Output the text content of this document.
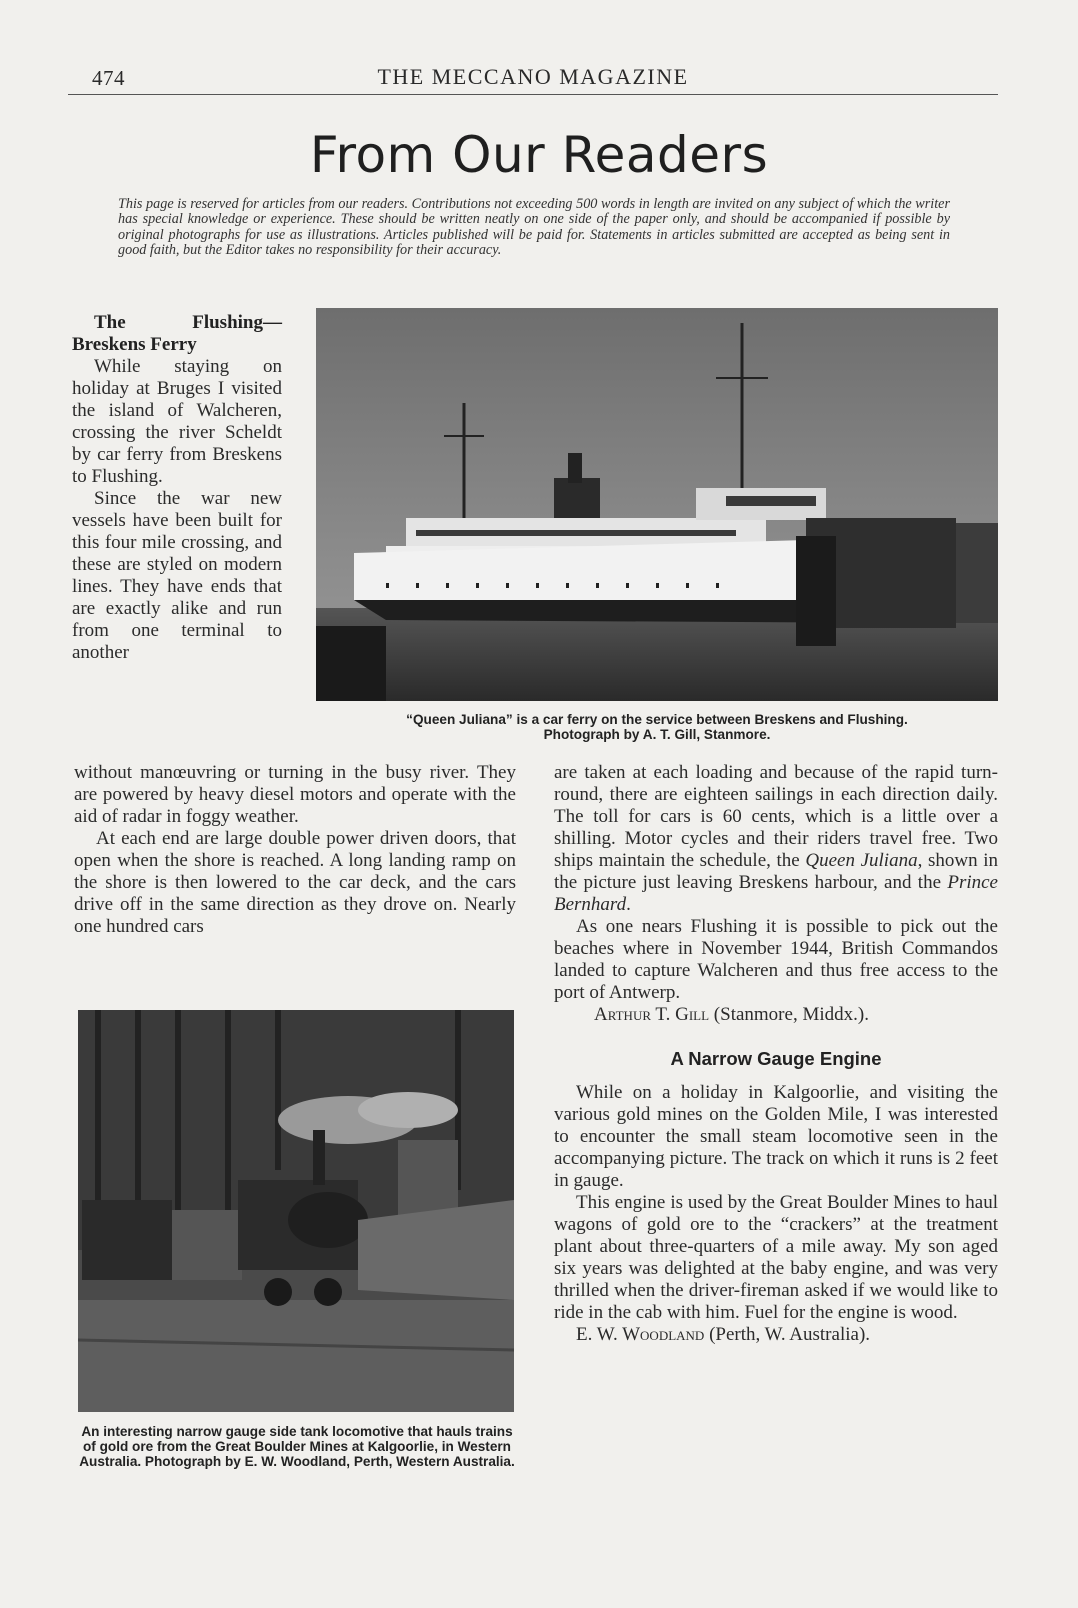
474	THE MECCANO MAGAZINE
From Our Readers
This page is reserved for articles from our readers. Contributions not exceeding 500 words in length are invited on any subject of which the writer has special knowledge or experience. These should be written neatly on one side of the paper only, and should be accompanied if possible by original photographs for use as illustrations. Articles published will be paid for. Statements in articles submitted are accepted as being sent in good faith, but the Editor takes no responsibility for their accuracy.

The Flushing— Breskens Ferry

While staying on holiday at Bruges I visited the island of Walcheren, crossing the river Scheldt by car ferry from Breskens to Flushing.

Since the war new vessels have been built for this four mile crossing, and these are styled on modern lines. They have ends that are exactly alike and run from one terminal to another

“Queen Juliana” is a car ferry on the service between Breskens and Flushing.
Photograph by A. T. Gill, Stanmore.

without manœuvring or turning in the busy river. They are powered by heavy diesel motors and operate with the aid of radar in foggy weather.

At each end are large double power driven doors, that open when the shore is reached. A long landing ramp on the shore is then lowered to the car deck, and the cars drive off in the same direction as they drove on. Nearly one hundred cars

An interesting narrow gauge side tank locomotive that hauls trains of gold ore from the Great Boulder Mines at Kalgoorlie, in Western Australia. Photograph by E. W. Woodland, Perth, Western Australia.

are taken at each loading and because of the rapid turn-round, there are eighteen sailings in each direction daily. The toll for cars is 60 cents, which is a little over a shilling. Motor cycles and their riders travel free. Two ships maintain the schedule, the Queen Juliana, shown in the picture just leaving Breskens harbour, and the Prince Bernhard.

As one nears Flushing it is possible to pick out the beaches where in November 1944, British Commandos landed to capture Walcheren and thus free access to the port of Antwerp.

Arthur T. Gill (Stanmore, Middx.).

A Narrow Gauge Engine

While on a holiday in Kalgoorlie, and visiting the various gold mines on the Golden Mile, I was interested to encounter the small steam locomotive seen in the accompanying picture. The track on which it runs is 2 feet in gauge.

This engine is used by the Great Boulder Mines to haul wagons of gold ore to the “crackers” at the treatment plant about three-quarters of a mile away. My son aged six years was delighted at the baby engine, and was very thrilled when the driver-fireman asked if we would like to ride in the cab with him. Fuel for the engine is wood.

E. W. Woodland (Perth, W. Australia).
